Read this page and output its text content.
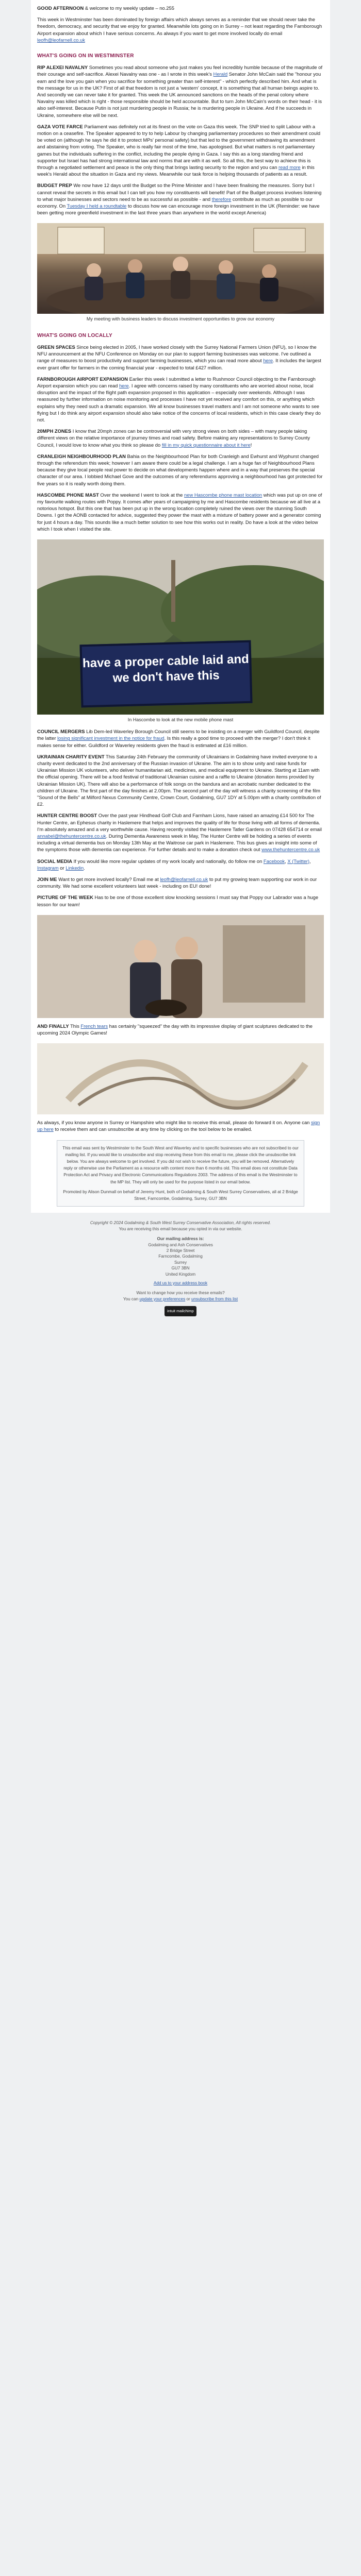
GOOD AFTERNOON & welcome to my weekly update – no.255

This week in Westminster has been dominated by foreign affairs which always serves as a reminder that we should never take the freedom, democracy, and security that we enjoy for granted. Meanwhile lots going on in Surrey – not least regarding the Farnborough Airport expansion about which I have serious concerns. As always if you want to get more involved locally do email leofh@leofarnell.co.uk

WHAT'S GOING ON IN WESTMINSTER

RIP ALEXEI NAVALNY Sometimes you read about someone who just makes you feel incredibly humble because of the magnitude of their courage and self-sacrifice. Alexei Navalny was one - as I wrote in this week's Herald Senator John McCain said the "honour you earn and the love you gain when you sacrifice for something greater than self-interest" - which perfectly described him. And what is the message for us in the UK? First of all that freedom is not just a 'western' concept, it is something that all human beings aspire to. And secondly we can never take it for granted. This week the UK announced sanctions on the heads of the penal colony where Navalny was killed which is right - those responsible should be held accountable. But to turn John McCain's words on their head - it is also self-interest. Because Putin is not just murdering people in Russia; he is murdering people in Ukraine. And if he succeeds in Ukraine, somewhere else will be next.

GAZA VOTE FARCE Parliament was definitely not at its finest on the vote on Gaza this week. The SNP tried to split Labour with a motion on a ceasefire. The Speaker appeared to try to help Labour by changing parliamentary procedures so their amendment could be voted on (although he says he did it to protect MPs' personal safety) but that led to the government withdrawing its amendment and abstaining from voting. The Speaker, who is really fair most of the time, has apologised. But what matters is not parliamentary games but the individuals suffering in the conflict, including the people dying in Gaza. I say this as a long standing friend and supporter but Israel has had strong international law and norms that are with it as well. So all this, the best way to achieve this is through a negotiated settlement and peace is the only thing that brings lasting security to the region and you can read more in this week's Herald about the situation in Gaza and my views. Meanwhile our task force is helping thousands of patients as a result.

BUDGET PREP We now have 12 days until the Budget so the Prime Minister and I have been finalising the measures. Sorry but I cannot reveal the secrets in this email but I can tell you how my constituents will benefit! Part of the Budget process involves listening to what major businesses and sectors need to be as successful as possible - and therefore contribute as much as possible to our economy. On Tuesday I held a roundtable to discuss how we can encourage more foreign investment in the UK (Reminder: we have been getting more greenfield investment in the last three years than anywhere in the world except America)

My meeting with business leaders to discuss investment opportunities to grow our economy
WHAT'S GOING ON LOCALLY

GREEN SPACES Since being elected in 2005, I have worked closely with the Surrey National Farmers Union (NFU), so I know the NFU announcement at the NFU Conference on Monday on our plan to support farming businesses was welcome. I've outlined a range of measures to boost productivity and support farming businesses, which you can read more about here. It includes the largest ever grant offer for farmers in the coming financial year - expected to total £427 million.

FARNBOROUGH AIRPORT EXPANSION Earlier this week I submitted a letter to Rushmoor Council objecting to the Farnborough Airport expansion which you can read here. I agree with concerns raised by many constituents who are worried about noise, local disruption and the impact of the flight path expansion proposed in this application – especially over weekends. Although I was reassured by further information on noise monitoring and processes I have not yet received any comfort on this, or anything which explains why they need such a dramatic expansion. We all know businesses travel matters and I am not someone who wants to see flying but I do think any airport expansion should also take notice of the concerns of local residents, which in this case clearly they do not.

20MPH ZONES I know that 20mph zones can be controversial with very strong views on both sides – with many people taking different views on the relative importance of journey times and road safety. Before making any representations to Surrey County Council, I would love to know what you think so please do fill in my quick questionnaire about it here!

CRANLEIGH NEIGHBOURHOOD PLAN Bahia on the Neighbourhood Plan for both Cranleigh and Ewhurst and Wyphurst changed through the referendum this week; however I am aware there could be a legal challenge. I am a huge fan of Neighbourhood Plans because they give local people real power to decide on what developments happen where and in a way that preserves the special character of our area. I lobbied Michael Gove and the outcomes of any referendums approving a neighbourhood has got protected for five years so it is really worth doing them.

HASCOMBE PHONE MAST Over the weekend I went to look at the new Hascombe phone mast location which was put up on one of my favourite walking routes with Poppy. It comes after years of campaigning by me and Hascombe residents because we all live at a notorious hotspot. But this one that has been put up in the wrong location completely ruined the views over the stunning South Downs. I got the AONB contacted for advice, suggested they power the mast with a mixture of battery power and a generator coming for just 4 hours a day. This sounds like a much better solution to see how this works out in reality. Do have a look at the video below which I took when I visited the site.

have a proper cable laid and we don't have this
In Hascombe to look at the new mobile phone mast

COUNCIL MERGERS Lib Dem-led Waverley Borough Council still seems to be insisting on a merger with Guildford Council, despite the latter losing significant investment in the notice for fraud. Is this really a good time to proceed with the merger? I don't think it makes sense for either. Guildford or Waverley residents given the fraud is estimated at £16 million.

UKRAINIAN CHARITY EVENT This Saturday 24th February the community of Ukrainians in Godalming have invited everyone to a charity event dedicated to the 2nd anniversary of the Russian invasion of Ukraine. The aim is to show unity and raise funds for Ukrainian Mission UK volunteers, who deliver humanitarian aid, medicines, and medical equipment to Ukraine. Starting at 11am with the official opening. There will be a food festival of traditional Ukrainian cuisine and a raffle to Ukraine (donation items provided by Ukrainian Mission UK). There will also be a performance of folk songs on the bandura and an acrobatic number dedicated to the children of Ukraine. The first part of the day finishes at 2.00pm. The second part of the day will witness a charity screening of the film "Sound of the Bells" at Milford Nexus Community Centre, Crown Court, Godalming, GU7 1DY at 5.00pm with a charity contribution of £2.

HUNTER CENTRE BOOST Over the past year Hindhead Golf Club and Farnham Lions, have raised an amazing £14 500 for The Hunter Centre, an Ephesus charity in Haslemere that helps and improves the quality of life for those living with all forms of dementia. I'm absolutely amazed and a very worthwhile cause. Having recently visited the Haslemere Tatler Gardens on 07428 654714 or email annabel@thehuntercentre.co.uk. During Dementia Awareness week in May, The Hunter Centre will be holding a series of events including a virtual dementia bus on Monday 13th May at the Waitrose car park in Haslemere. This bus gives an insight into some of the symptoms those with dementia can experience. For further details and to make a donation check out www.thehuntercentre.co.uk

SOCIAL MEDIA If you would like more regular updates of my work locally and nationally, do follow me on Facebook, X (Twitter), Instagram or Linkedin.

JOIN ME Want to get more involved locally? Email me at leofh@leofarnell.co.uk to put my growing team supporting our work in our community. We had some excellent volunteers last week - including on EU! done!

PICTURE OF THE WEEK Has to be one of those excellent slow knocking sessions I must say that Poppy our Labrador was a huge lesson for our team!

AND FINALLY This French tears has certainly "squeezed" the day with its impressive display of giant sculptures dedicated to the upcoming 2024 Olympic Games!

As always, if you know anyone in Surrey or Hampshire who might like to receive this email, please do forward it on. Anyone can sign up here to receive them and can unsubscribe at any time by clicking on the tool below to be emailed.

This email was sent by Westminster to the South West and Waverley and to specific businesses who are not subscribed to our mailing list. If you would like to unsubscribe and stop receiving these from this email to me, please click the unsubscribe link below. You are always welcome to get involved. If you did not wish to receive the future, you will be removed. Alternatively reply or otherwise use the Parliament as a resource with content more than 6 months old. This email does not constitute Data Protection Act and Privacy and Electronic Communications Regulations 2003. The address of this email is the Westminster to the MP list. They will only be used for the purpose listed in our email below.
Promoted by Alison Dunmall on behalf of Jeremy Hunt, both of Godalming & South West Surrey Conservatives, all at 2 Bridge Street, Farncombe, Godalming, Surrey, GU7 3BN
Copyright © 2024 Godalming & South West Surrey Conservative Association, All rights reserved.
You are receiving this email because you opted in via our website.
Our mailing address is:
Godalming and Ash Conservatives
2 Bridge Street
Farncombe, Godalming
Surrey
GU7 3BN
United Kingdom
Add us to your address book
Want to change how you receive these emails?
You can update your preferences or unsubscribe from this list
intuit mailchimp
